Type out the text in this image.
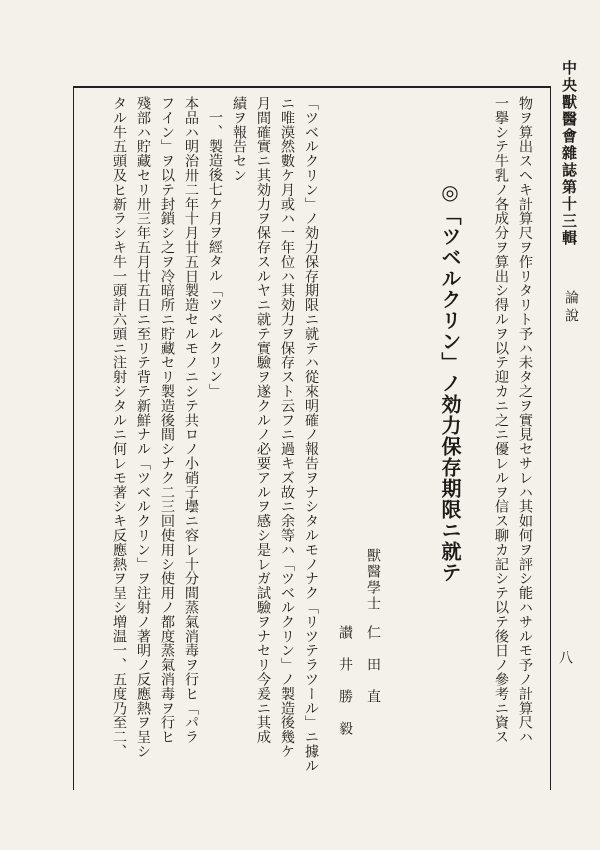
中央獸醫會雜誌第十三輯
論說
八
物ヲ算出スヘキ計算尺ヲ作リタリト予ハ未タ之ヲ實見セサレハ其如何ヲ評シ能ハサルモ予ノ計算尺ハ
一擧シテ牛乳ノ各成分ヲ算出シ得ルヲ以テ迎カニ之ニ優レルヲ信ス聊カ記シテ以テ後日ノ參考ニ資ス
◎「ツベルクリン」ノ効力保存期限ニ就テ
獸醫學士
仁　田　直
讃　井　勝　毅
「ツベルクリン」ノ効力保存期限ニ就テハ從來明確ノ報告ヲナシタルモノナク「リツテラツール」ニ據ル
ニ唯漠然數ケ月或ハ一年位ハ其効力ヲ保存スト云フニ過キズ故ニ余等ハ「ツベルクリン」ノ製造後幾ケ
月間確實ニ其効力ヲ保存スルヤニ就テ實驗ヲ遂クルノ必要アルヲ感シ是レガ試驗ヲナセリ今爰ニ其成
績ヲ報告セン
一、製造後七ケ月ヲ經タル「ツベルクリン」
本品ハ明治卅二年十月廿五日製造セルモノニシテ共ロノ小硝子壜ニ容レ十分間蒸氣消毒ヲ行ヒ「パラ
フイン」ヲ以テ封鎖シ之ヲ冷暗所ニ貯藏セリ製造後間シナク二三回使用シ使用ノ都度蒸氣消毒ヲ行ヒ
殘部ハ貯藏セリ卅三年五月廿五日ニ至リテ背テ新鮮ナル「ツベルクリン」ヲ注射ノ著明ノ反應熱ヲ呈シ
タル牛五頭及ヒ新ラシキ牛一頭計六頭ニ注射シタルニ何レモ著シキ反應熱ヲ呈シ増温一、五度乃至二、
